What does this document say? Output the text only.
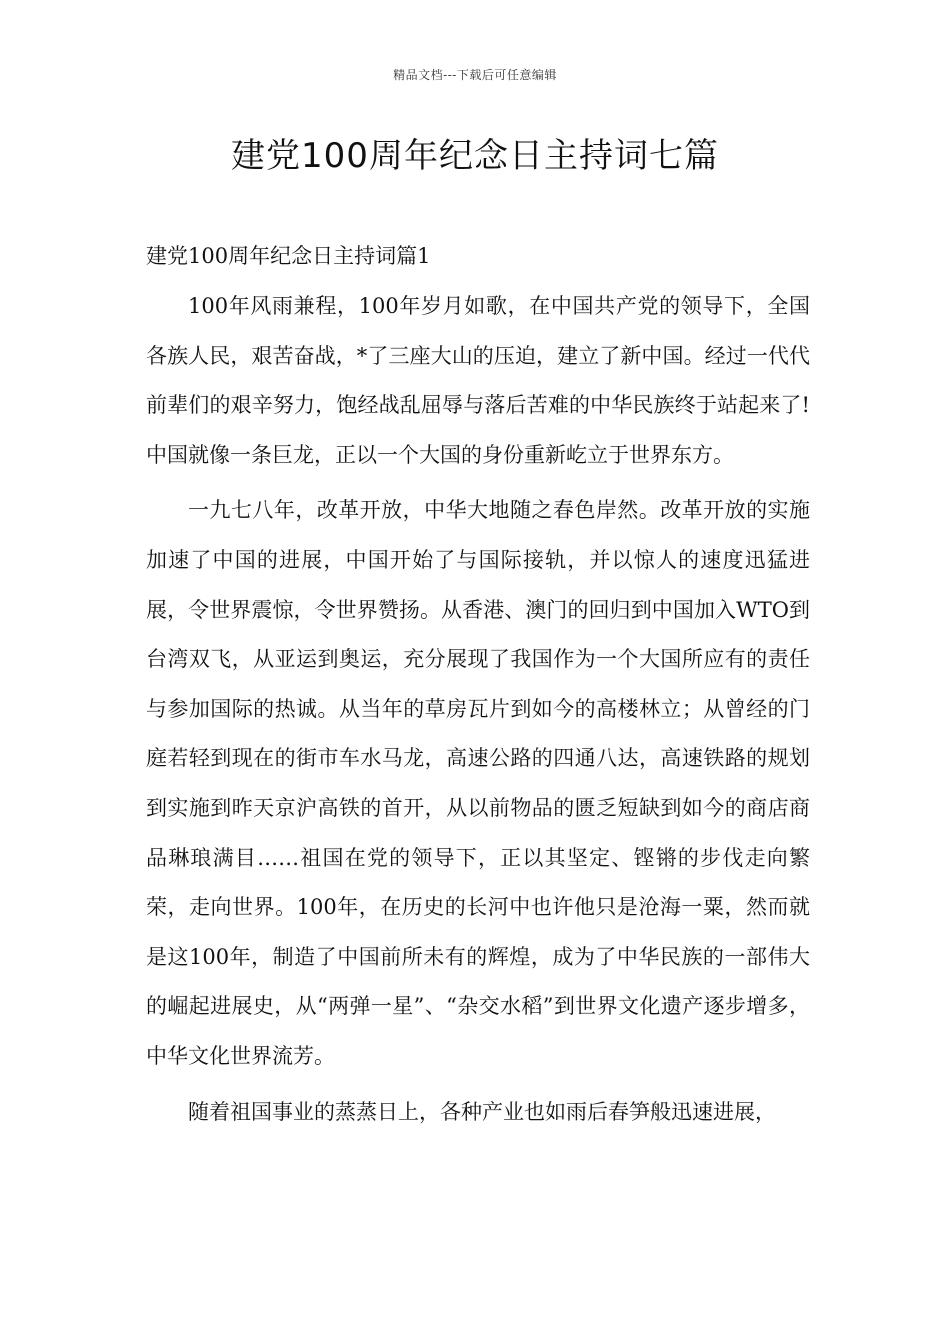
精品文档---下载后可任意编辑
建党100周年纪念日主持词七篇
建党100周年纪念日主持词篇1

100年风雨兼程，100年岁月如歌，在中国共产党的领导下，全国各族人民，艰苦奋战，*了三座大山的压迫，建立了新中国。经过一代代前辈们的艰辛努力，饱经战乱屈辱与落后苦难的中华民族终于站起来了!中国就像一条巨龙，正以一个大国的身份重新屹立于世界东方。

一九七八年，改革开放，中华大地随之春色岸然。改革开放的实施加速了中国的进展，中国开始了与国际接轨，并以惊人的速度迅猛进展，令世界震惊，令世界赞扬。从香港、澳门的回归到中国加入WTO到台湾双飞，从亚运到奥运，充分展现了我国作为一个大国所应有的责任与参加国际的热诚。从当年的草房瓦片到如今的高楼林立；从曾经的门庭若轻到现在的街市车水马龙，高速公路的四通八达，高速铁路的规划到实施到昨天京沪高铁的首开，从以前物品的匮乏短缺到如今的商店商品琳琅满目……祖国在党的领导下，正以其坚定、铿锵的步伐走向繁荣，走向世界。100年，在历史的长河中也许他只是沧海一粟，然而就是这100年，制造了中国前所未有的辉煌，成为了中华民族的一部伟大的崛起进展史，从“两弹一星”、“杂交水稻”到世界文化遗产逐步增多，中华文化世界流芳。

随着祖国事业的蒸蒸日上，各种产业也如雨后春笋般迅速进展，
